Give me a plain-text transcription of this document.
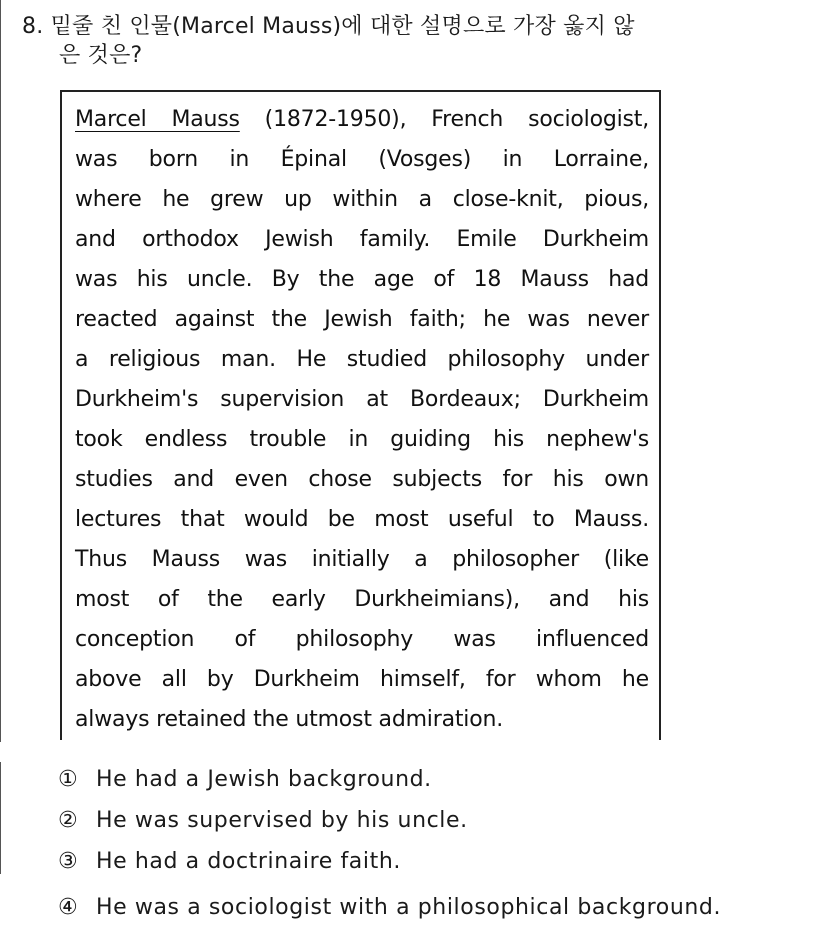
8. 밑줄 친 인물(Marcel Mauss)에 대한 설명으로 가장 옳지 않
은 것은?
Marcel Mauss (1872-1950), French sociologist,
was born in Épinal (Vosges) in Lorraine,
where he grew up within a close-knit, pious,
and orthodox Jewish family. Emile Durkheim
was his uncle. By the age of 18 Mauss had
reacted against the Jewish faith; he was never
a religious man. He studied philosophy under
Durkheim's supervision at Bordeaux; Durkheim
took endless trouble in guiding his nephew's
studies and even chose subjects for his own
lectures that would be most useful to Mauss.
Thus Mauss was initially a philosopher (like
most of the early Durkheimians), and his
conception of philosophy was influenced
above all by Durkheim himself, for whom he
always retained the utmost admiration.
① He had a Jewish background.
② He was supervised by his uncle.
③ He had a doctrinaire faith.
④ He was a sociologist with a philosophical background.
